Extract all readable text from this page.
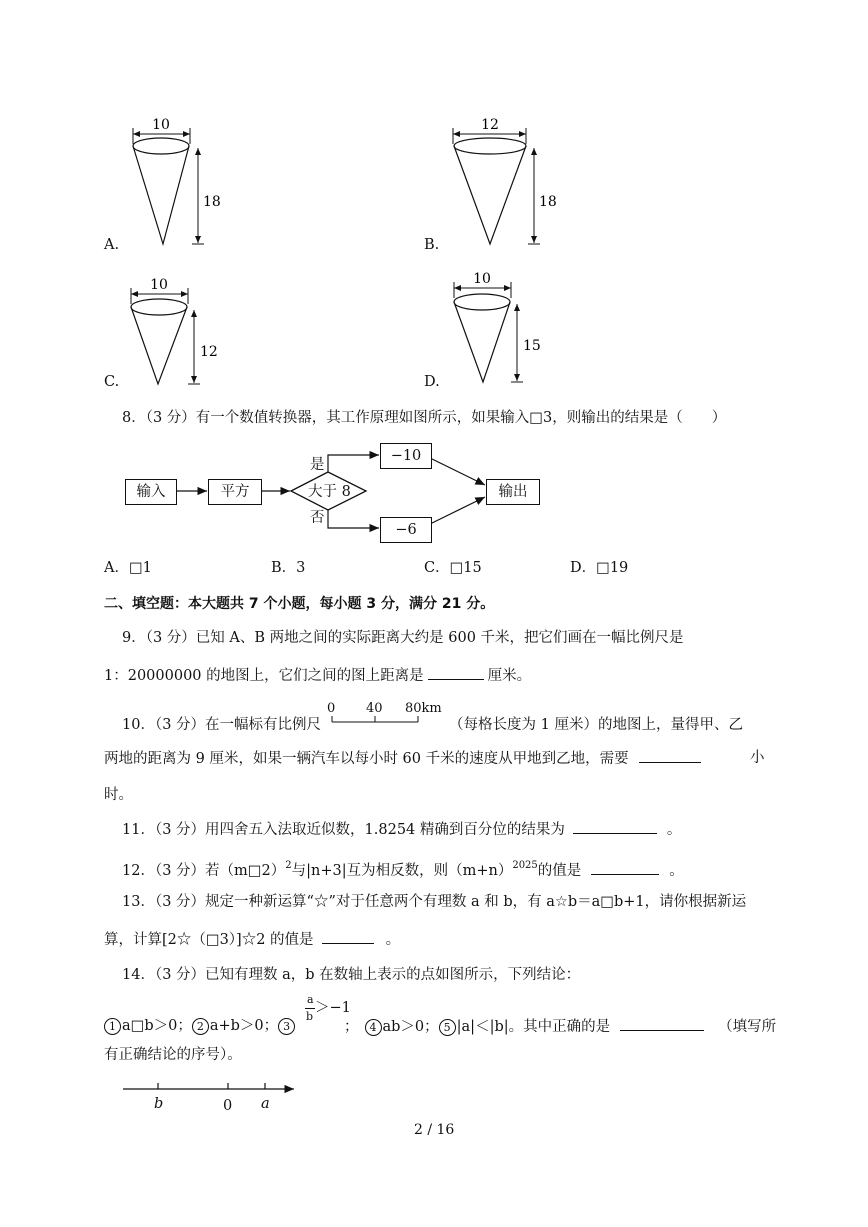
10
18
12
18
10
12
10
15
A.	B.
C.	D.
8．（3 分）有一个数值转换器，其工作原理如图所示，如果输入□3，则输出的结果是（　　）
输入	平方	大于 8
是
否
−10
−6
输出
A．□1	B．3	C．□15	D．□19
二、填空题：本大题共 7 个小题，每小题 3 分，满分 21 分。
9．（3 分）已知 A、B 两地之间的实际距离大约是 600 千米，把它们画在一幅比例尺是
1：20000000 的地图上，它们之间的图上距离是	厘米。
10．（3 分）在一幅标有比例尺
0 40 80km
（每格长度为 1 厘米）的地图上，量得甲、乙
两地的距离为 9 厘米，如果一辆汽车以每小时 60 千米的速度从甲地到乙地，需要	小
时。
11．（3 分）用四舍五入法取近似数，1.8254 精确到百分位的结果为	。
12．（3 分）若（m□2）$^2$与|n+3|互为相反数，则$(m+n)^{2025}$的值是	。
13．（3 分）规定一种新运算“☆”对于任意两个有理数 a 和 b，有 a☆b＝a□b+1，请你根据新运
算，计算[2☆（□3）]☆2 的值是	。
14．（3 分）已知有理数 a，b 在数轴上表示的点如图所示，下列结论：
a
b
＞−1
1 a□b＞0； 2 a+b＞0； 3	； 4 ab＞0； 5 |a|＜|b|。其中正确的是	（填写所
有正确结论的序号）。
b	0 a
2 / 16
